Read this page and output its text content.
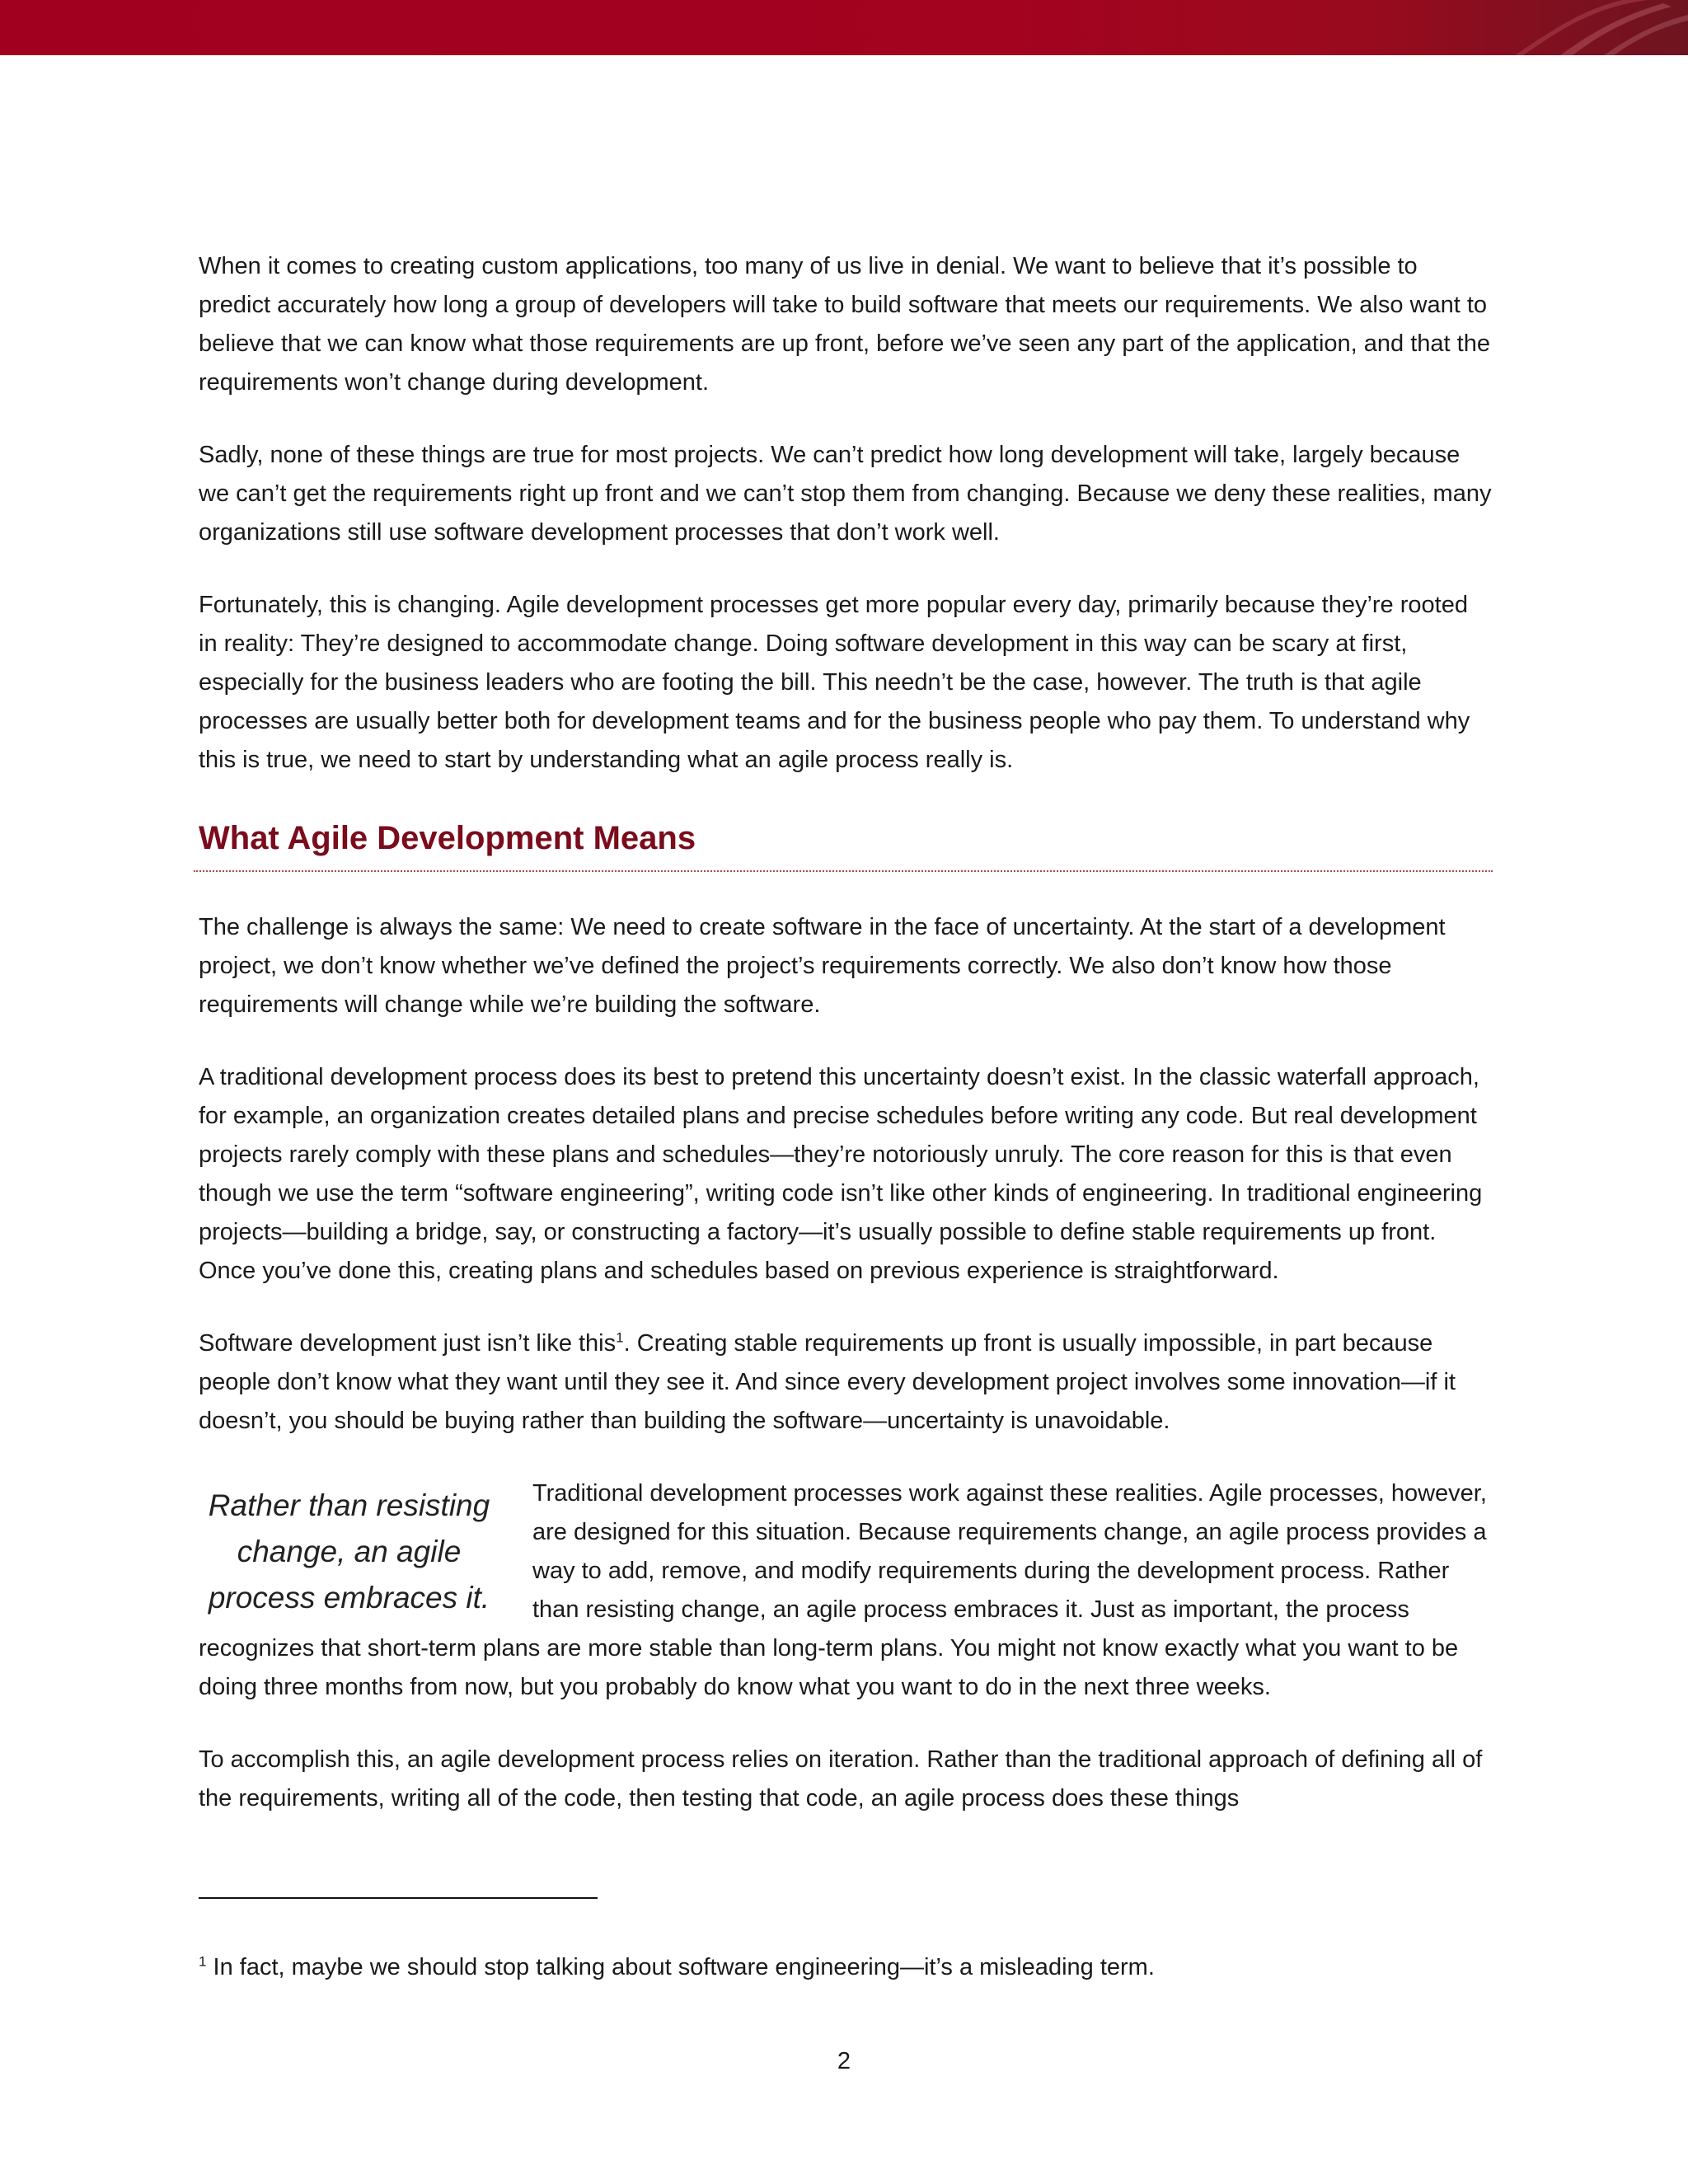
When it comes to creating custom applications, too many of us live in denial. We want to believe that it’s possible to predict accurately how long a group of developers will take to build software that meets our requirements. We also want to believe that we can know what those requirements are up front, before we’ve seen any part of the application, and that the requirements won’t change during development.

Sadly, none of these things are true for most projects. We can’t predict how long development will take, largely because we can’t get the requirements right up front and we can’t stop them from changing. Because we deny these realities, many organizations still use software development processes that don’t work well.

Fortunately, this is changing. Agile development processes get more popular every day, primarily because they’re rooted in reality: They’re designed to accommodate change. Doing software development in this way can be scary at first, especially for the business leaders who are footing the bill. This needn’t be the case, however. The truth is that agile processes are usually better both for development teams and for the business people who pay them. To understand why this is true, we need to start by understanding what an agile process really is.

What Agile Development Means

The challenge is always the same: We need to create software in the face of uncertainty. At the start of a development project, we don’t know whether we’ve defined the project’s requirements correctly. We also don’t know how those requirements will change while we’re building the software.

A traditional development process does its best to pretend this uncertainty doesn’t exist. In the classic waterfall approach, for example, an organization creates detailed plans and precise schedules before writing any code. But real development projects rarely comply with these plans and schedules—they’re notoriously unruly. The core reason for this is that even though we use the term “software engineering”, writing code isn’t like other kinds of engineering. In traditional engineering projects—building a bridge, say, or constructing a factory—it’s usually possible to define stable requirements up front. Once you’ve done this, creating plans and schedules based on previous experience is straightforward.

Software development just isn’t like this$^1$. Creating stable requirements up front is usually impossible, in part because people don’t know what they want until they see it. And since every development project involves some innovation—if it doesn’t, you should be buying rather than building the software—uncertainty is unavoidable.

Rather than resisting change, an agile process embraces it.
Traditional development processes work against these realities. Agile processes, however, are designed for this situation. Because requirements change, an agile process provides a way to add, remove, and modify requirements during the development process. Rather than resisting change, an agile process embraces it. Just as important, the process recognizes that short-term plans are more stable than long-term plans. You might not know exactly what you want to be doing three months from now, but you probably do know what you want to do in the next three weeks.

To accomplish this, an agile development process relies on iteration. Rather than the traditional approach of defining all of the requirements, writing all of the code, then testing that code, an agile process does these things

$^1$ In fact, maybe we should stop talking about software engineering—it’s a misleading term.
2
